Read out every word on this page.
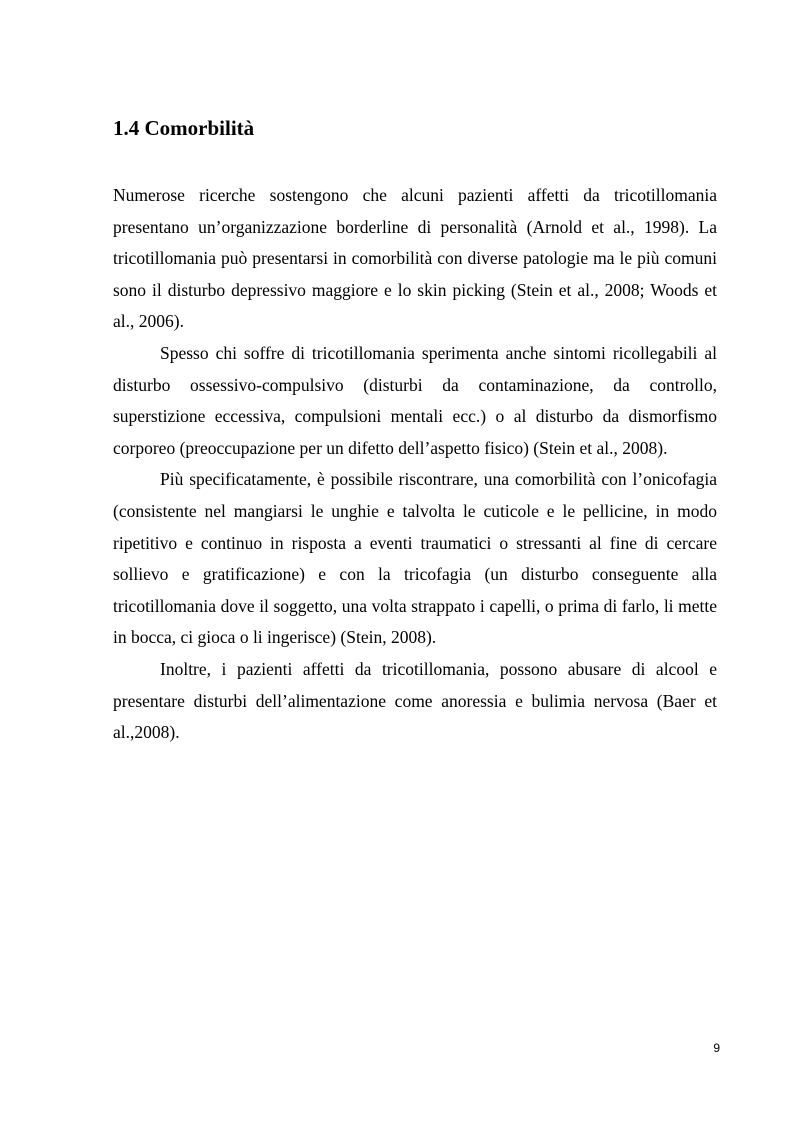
1.4 Comorbilità

Numerose ricerche sostengono che alcuni pazienti affetti da tricotillomania presentano un’organizzazione borderline di personalità (Arnold et al., 1998). La tricotillomania può presentarsi in comorbilità con diverse patologie ma le più comuni sono il disturbo depressivo maggiore e lo skin picking (Stein et al., 2008; Woods et al., 2006).

Spesso chi soffre di tricotillomania sperimenta anche sintomi ricollegabili al disturbo ossessivo-compulsivo (disturbi da contaminazione, da controllo, superstizione eccessiva, compulsioni mentali ecc.) o al disturbo da dismorfismo corporeo (preoccupazione per un difetto dell’aspetto fisico) (Stein et al., 2008).

Più specificatamente, è possibile riscontrare, una comorbilità con l’onicofagia (consistente nel mangiarsi le unghie e talvolta le cuticole e le pellicine, in modo ripetitivo e continuo in risposta a eventi traumatici o stressanti al fine di cercare sollievo e gratificazione) e con la tricofagia (un disturbo conseguente alla tricotillomania dove il soggetto, una volta strappato i capelli, o prima di farlo, li mette in bocca, ci gioca o li ingerisce) (Stein, 2008).

Inoltre, i pazienti affetti da tricotillomania, possono abusare di alcool e presentare disturbi dell’alimentazione come anoressia e bulimia nervosa (Baer et al.,2008).

9
